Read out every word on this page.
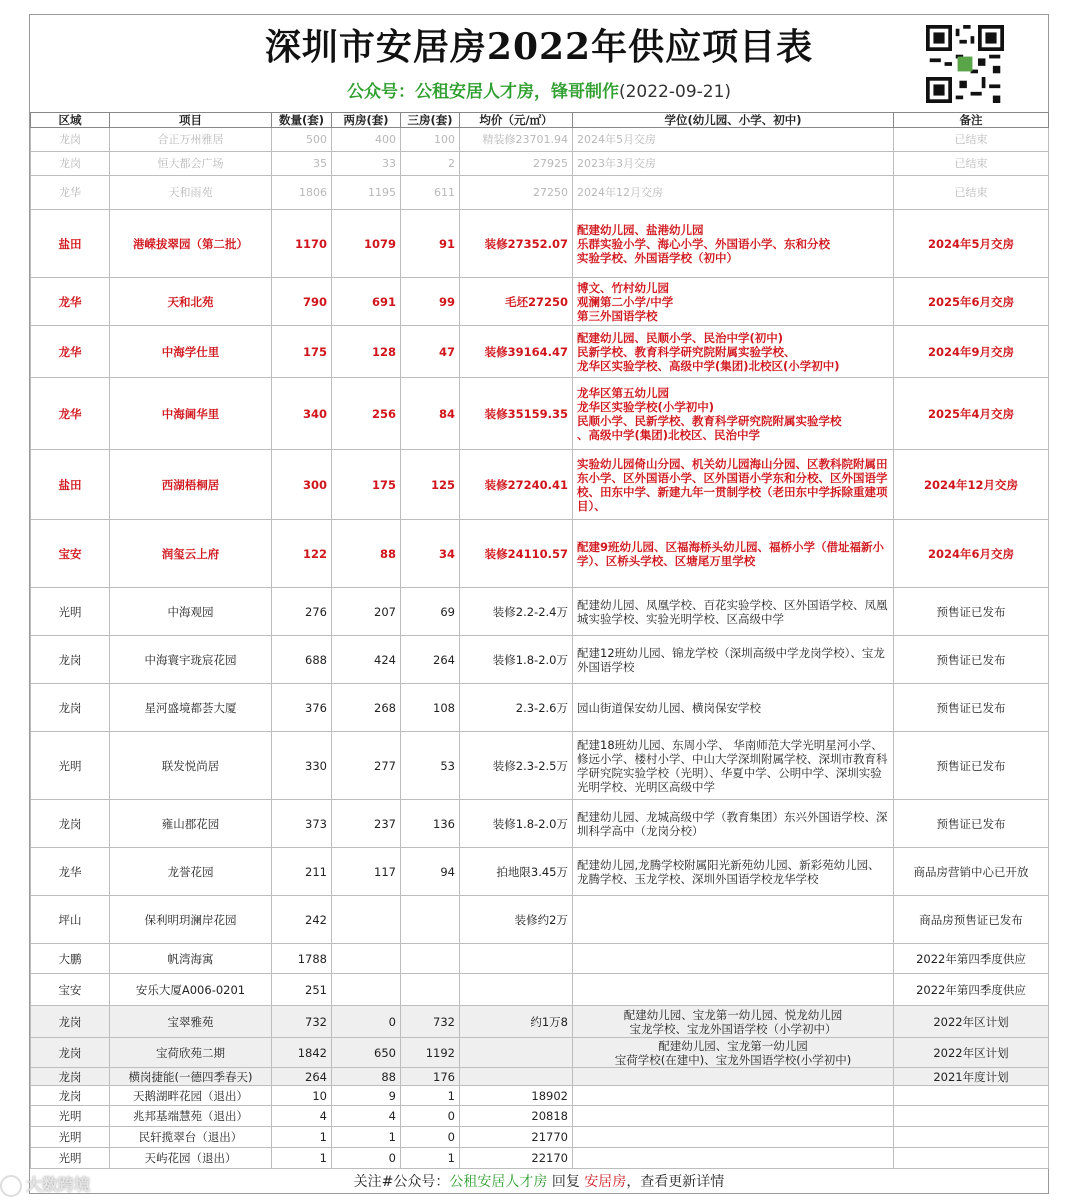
深圳市安居房2022年供应项目表
公众号：公租安居人才房，锋哥制作(2022-09-21)
区域	项目	数量(套)	两房(套)	三房(套)	均价（元/㎡）	学位(幼儿园、小学、初中)	备注
龙岗	合正万州雅居	500	400	100	精装修23701.94	2024年5月交房	已结束
龙岗	恒大都会广场	35	33	2	27925	2023年3月交房	已结束
龙华	天和雨苑	1806	1195	611	27250	2024年12月交房	已结束
盐田	港嵘拔翠园（第二批）	1170	1079	91	装修27352.07	配建幼儿园、盐港幼儿园
乐群实验小学、海心小学、外国语小学、东和分校
实验学校、外国语学校（初中）	2024年5月交房
龙华	天和北苑	790	691	99	毛坯27250	博文、竹村幼儿园
观澜第二小学/中学
第三外国语学校	2025年6月交房
龙华	中海学仕里	175	128	47	装修39164.47	配建幼儿园、民顺小学、民治中学(初中)
民新学校、教育科学研究院附属实验学校、
龙华区实验学校、高级中学(集团)北校区(小学初中)	2024年9月交房
龙华	中海阃华里	340	256	84	装修35159.35	龙华区第五幼儿园
龙华区实验学校(小学初中)
民顺小学、民新学校、教育科学研究院附属实验学校
、高级中学(集团)北校区、民治中学	2025年4月交房
盐田	西湖梧桐居	300	175	125	装修27240.41	实验幼儿园倚山分园、机关幼儿园海山分园、区教科院附属田东小学、区外国语小学、区外国语小学东和分校、区外国语学校、田东中学、新建九年一贯制学校（老田东中学拆除重建项目）、	2024年12月交房
宝安	润玺云上府	122	88	34	装修24110.57	配建9班幼儿园、区福海桥头幼儿园、福桥小学（借址福新小学）、区桥头学校、区塘尾万里学校	2024年6月交房
光明	中海观园	276	207	69	装修2.2-2.4万	配建幼儿园、凤凰学校、百花实验学校、区外国语学校、凤凰城实验学校、实验光明学校、区高级中学	预售证已发布
龙岗	中海寰宇珑宸花园	688	424	264	装修1.8-2.0万	配建12班幼儿园、锦龙学校（深圳高级中学龙岗学校）、宝龙外国语学校	预售证已发布
龙岗	星河盛境都荟大厦	376	268	108	2.3-2.6万	园山街道保安幼儿园、横岗保安学校	预售证已发布
光明	联发悦尚居	330	277	53	装修2.3-2.5万	配建18班幼儿园、东周小学、 华南师范大学光明星河小学、修远小学、楼村小学、中山大学深圳附属学校、深圳市教育科学研究院实验学校（光明）、华夏中学、公明中学、深圳实验光明学校、光明区高级中学	预售证已发布
龙岗	雍山郡花园	373	237	136	装修1.8-2.0万	配建幼儿园、龙城高级中学（教育集团）东兴外国语学校、深圳科学高中（龙岗分校）	预售证已发布
龙华	龙誉花园	211	117	94	拍地限3.45万	配建幼儿园,龙腾学校附属阳光新苑幼儿园、新彩苑幼儿园、龙腾学校、玉龙学校、深圳外国语学校龙华学校	商品房营销中心已开放
坪山	保利明玥澜岸花园	242			装修约2万		商品房预售证已发布
大鹏	帆湾海寓	1788					2022年第四季度供应
宝安	安乐大厦A006-0201	251					2022年第四季度供应
龙岗	宝翠雅苑	732	0	732	约1万8	配建幼儿园、宝龙第一幼儿园、悦龙幼儿园
宝龙学校、宝龙外国语学校（小学初中）	2022年区计划
龙岗	宝荷欣苑二期	1842	650	1192		配建幼儿园、宝龙第一幼儿园
宝荷学校(在建中)、宝龙外国语学校(小学初中)	2022年区计划
龙岗	横岗捷能(一德四季春天)	264	88	176			2021年度计划
龙岗	天鹅湖畔花园（退出）	10	9	1	18902		
光明	兆邦基端慧苑（退出）	4	4	0	20818		
光明	民轩揽翠台（退出）	1	1	0	21770		
光明	天屿花园（退出）	1	0	1	22170		
关注#公众号：公租安居人才房 回复 安居房，查看更新详情
大数跨境
